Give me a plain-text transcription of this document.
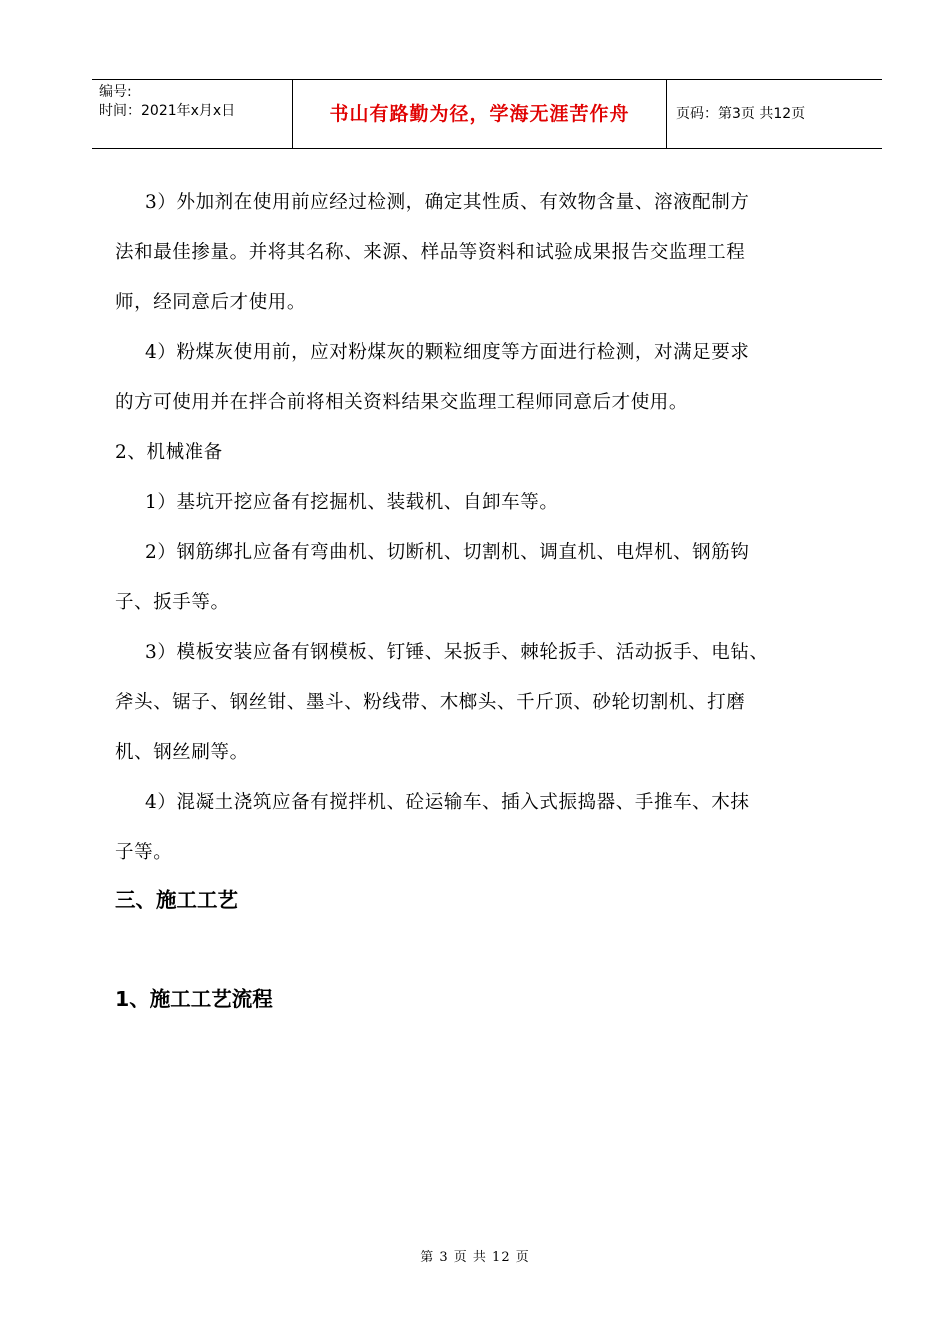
编号:
时间：2021年x月x日	书山有路勤为径，学海无涯苦作舟	页码：第3页 共12页
3）外加剂在使用前应经过检测，确定其性质、有效物含量、溶液配制方
法和最佳掺量。并将其名称、来源、样品等资料和试验成果报告交监理工程
师，经同意后才使用。
4）粉煤灰使用前，应对粉煤灰的颗粒细度等方面进行检测，对满足要求
的方可使用并在拌合前将相关资料结果交监理工程师同意后才使用。
2、机械准备
1）基坑开挖应备有挖掘机、装载机、自卸车等。
2）钢筋绑扎应备有弯曲机、切断机、切割机、调直机、电焊机、钢筋钩
子、扳手等。
3）模板安装应备有钢模板、钉锤、呆扳手、棘轮扳手、活动扳手、电钻、
斧头、锯子、钢丝钳、墨斗、粉线带、木榔头、千斤顶、砂轮切割机、打磨
机、钢丝刷等。
4）混凝土浇筑应备有搅拌机、砼运输车、插入式振捣器、手推车、木抹
子等。
三、施工工艺
1、施工工艺流程
第 3 页 共 12 页
